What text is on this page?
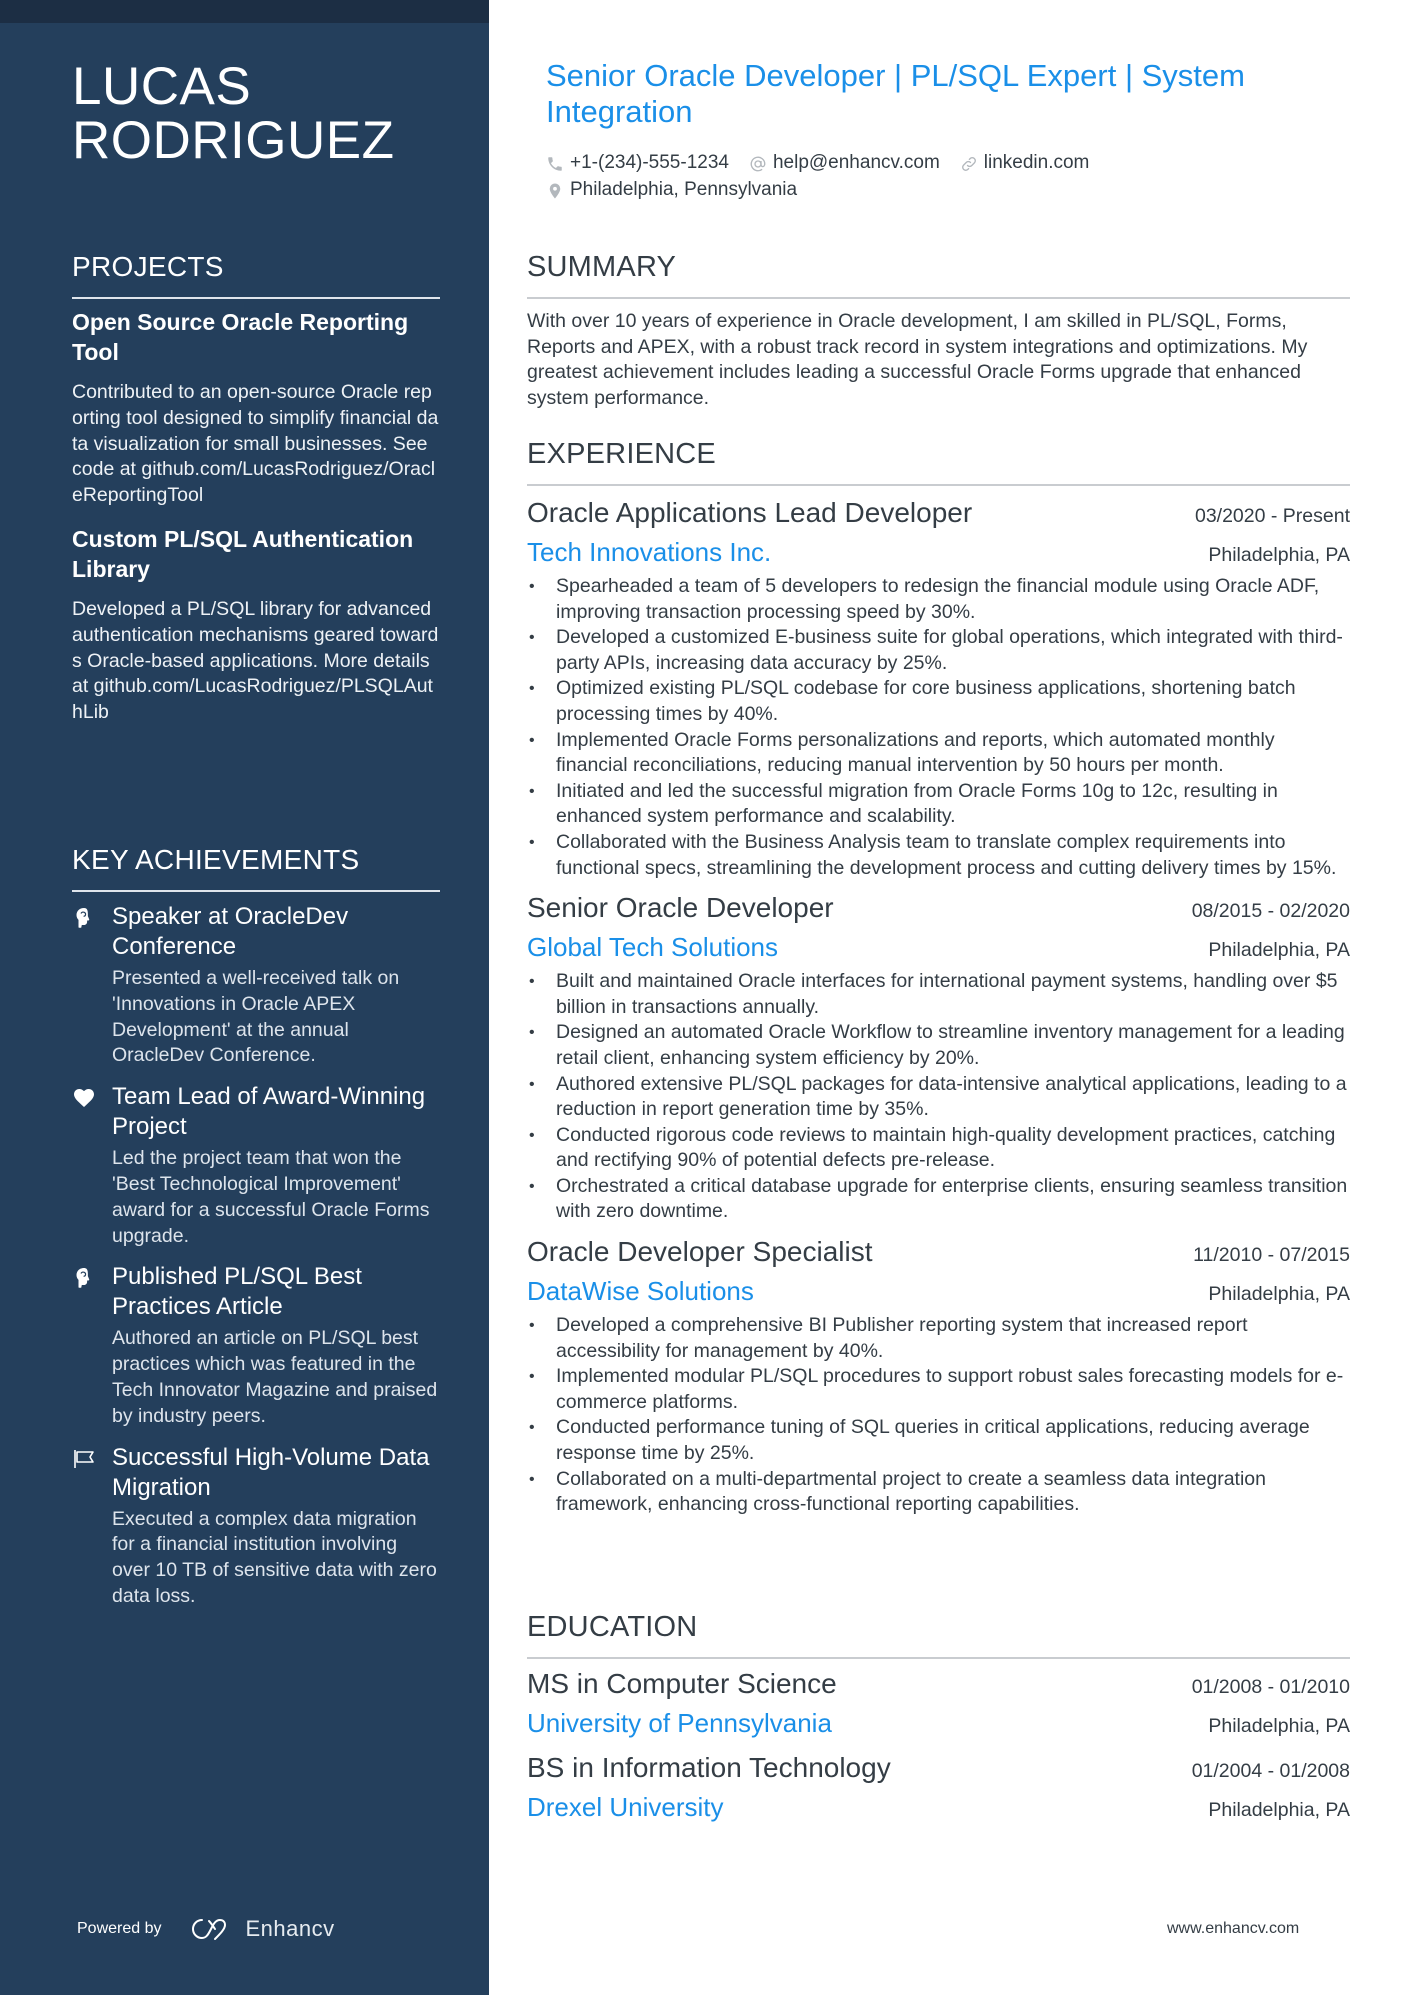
LUCAS
RODRIGUEZ
PROJECTS
Open Source Oracle Reporting Tool
Contributed to an open-source Oracle reporting tool designed to simplify financial data visualization for small businesses. See code at github.com/LucasRodriguez/OracleReportingTool
Custom PL/SQL Authentication Library
Developed a PL/SQL library for advanced authentication mechanisms geared towards Oracle-based applications. More details at github.com/LucasRodriguez/PLSQLAuthLib
KEY ACHIEVEMENTS
Speaker at OracleDev Conference
Presented a well-received talk on 'Innovations in Oracle APEX Development' at the annual OracleDev Conference.
Team Lead of Award-Winning Project
Led the project team that won the 'Best Technological Improvement' award for a successful Oracle Forms upgrade.
Published PL/SQL Best Practices Article
Authored an article on PL/SQL best practices which was featured in the Tech Innovator Magazine and praised by industry peers.
Successful High-Volume Data Migration
Executed a complex data migration for a financial institution involving over 10 TB of sensitive data with zero data loss.
Powered by	Enhancv
Senior Oracle Developer | PL/SQL Expert | System Integration
+1-(234)-555-1234 help@enhancv.com linkedin.com
Philadelphia, Pennsylvania
SUMMARY

With over 10 years of experience in Oracle development, I am skilled in PL/SQL, Forms, Reports and APEX, with a robust track record in system integrations and optimizations. My greatest achievement includes leading a successful Oracle Forms upgrade that enhanced system performance.

EXPERIENCE
Oracle Applications Lead Developer	03/2020 - Present
Tech Innovations Inc.	Philadelphia, PA
• Spearheaded a team of 5 developers to redesign the financial module using Oracle ADF, improving transaction processing speed by 30%.
• Developed a customized E-business suite for global operations, which integrated with third-party APIs, increasing data accuracy by 25%.
• Optimized existing PL/SQL codebase for core business applications, shortening batch processing times by 40%.
• Implemented Oracle Forms personalizations and reports, which automated monthly financial reconciliations, reducing manual intervention by 50 hours per month.
• Initiated and led the successful migration from Oracle Forms 10g to 12c, resulting in enhanced system performance and scalability.
• Collaborated with the Business Analysis team to translate complex requirements into functional specs, streamlining the development process and cutting delivery times by 15%.
Senior Oracle Developer	08/2015 - 02/2020
Global Tech Solutions	Philadelphia, PA
• Built and maintained Oracle interfaces for international payment systems, handling over $5 billion in transactions annually.
• Designed an automated Oracle Workflow to streamline inventory management for a leading retail client, enhancing system efficiency by 20%.
• Authored extensive PL/SQL packages for data-intensive analytical applications, leading to a reduction in report generation time by 35%.
• Conducted rigorous code reviews to maintain high-quality development practices, catching and rectifying 90% of potential defects pre-release.
• Orchestrated a critical database upgrade for enterprise clients, ensuring seamless transition with zero downtime.
Oracle Developer Specialist	11/2010 - 07/2015
DataWise Solutions	Philadelphia, PA
• Developed a comprehensive BI Publisher reporting system that increased report accessibility for management by 40%.
• Implemented modular PL/SQL procedures to support robust sales forecasting models for e-commerce platforms.
• Conducted performance tuning of SQL queries in critical applications, reducing average response time by 25%.
• Collaborated on a multi-departmental project to create a seamless data integration framework, enhancing cross-functional reporting capabilities.
EDUCATION
MS in Computer Science	01/2008 - 01/2010
University of Pennsylvania	Philadelphia, PA
BS in Information Technology	01/2004 - 01/2008
Drexel University	Philadelphia, PA
www.enhancv.com
